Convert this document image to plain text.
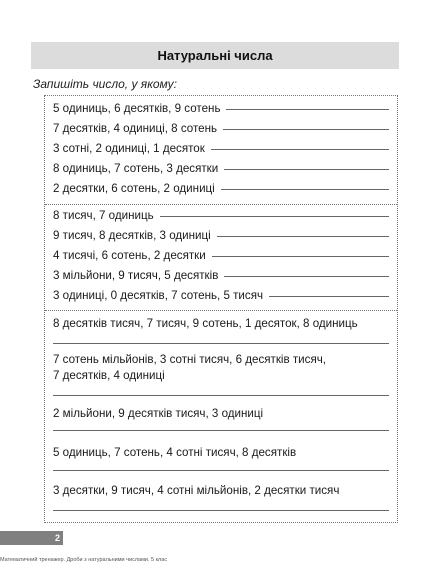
Натуральні числа
Запишіть число, у якому:
5 одиниць, 6 десятків, 9 сотень
7 десятків, 4 одиниці, 8 сотень
3 сотні, 2 одиниці, 1 десяток
8 одиниць, 7 сотень, 3 десятки
2 десятки, 6 сотень, 2 одиниці
8 тисяч, 7 одиниць
9 тисяч, 8 десятків, 3 одиниці
4 тисячі, 6 сотень, 2 десятки
3 мільйони, 9 тисяч, 5 десятків
3 одиниці, 0 десятків, 7 сотень, 5 тисяч
8 десятків тисяч, 7 тисяч, 9 сотень, 1 десяток, 8 одиниць
7 сотень мільйонів, 3 сотні тисяч, 6 десятків тисяч,
7 десятків, 4 одиниці
2 мільйони, 9 десятків тисяч, 3 одиниці
5 одиниць, 7 сотень, 4 сотні тисяч, 8 десятків
3 десятки, 9 тисяч, 4 сотні мільйонів, 2 десятки тисяч
2
Математичний тренажер. Дроби з натуральними числами. 5 клас
